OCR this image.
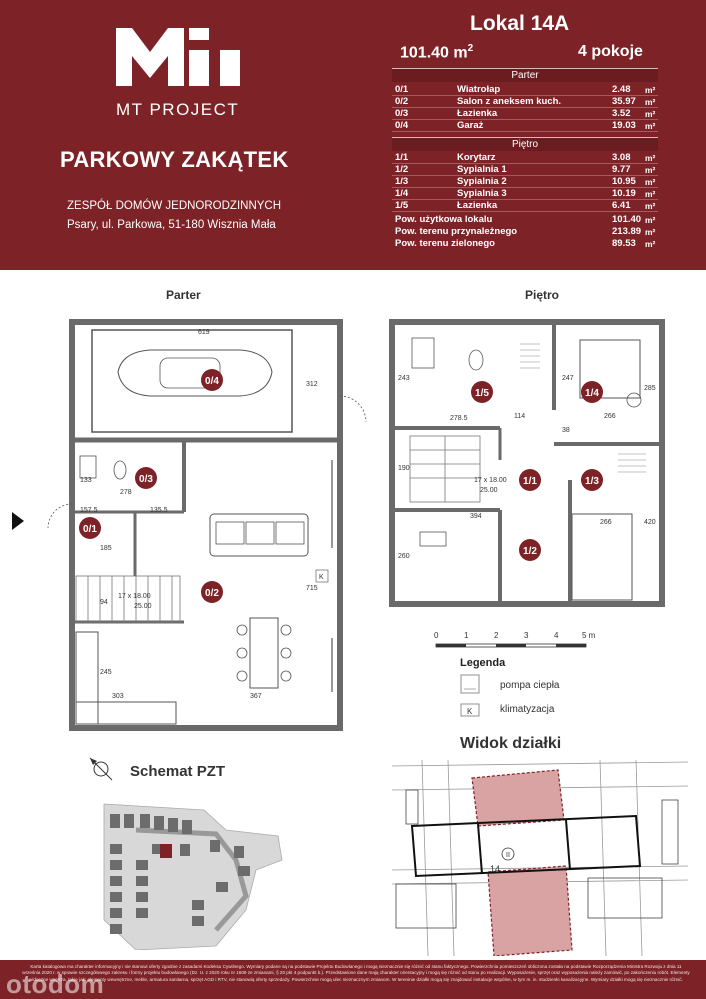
MT PROJECT
PARKOWY ZAKĄTEK
ZESPÓŁ DOMÓW JEDNORODZINNYCH
Psary, ul. Parkowa, 51-180 Wisznia Mała
Lokal 14A
101.40 $m^2$	4 pokoje
Parter
0/1	Wiatrołap	2.48 m²
0/2	Salon z aneksem kuch.	35.97 m²
0/3	Łazienka	3.52 m²
0/4	Garaż	19.03 m²
Piętro
1/1	Korytarz	3.08 m²
1/2	Sypialnia 1	9.77 m²
1/3	Sypialnia 2	10.95 m²
1/4	Sypialnia 3	10.19 m²
1/5	Łazienka	6.41 m²
Pow. użytkowa lokalu	101.40 m²
Pow. terenu przynależnego	213.89 m²
Pow. terenu zielonego	89.53 m²
Parter	Piętro
0/4
0/3
0/1
0/2
619
312
133
278
157.5	135.5
185
94
17 x 18.00
25.00
715
245
303	367
K
1/1
1/2
1/3
1/4
1/5
243
278.5	114
247
266
285
38
190
17 x 18.00
25.00
394
266	420
260
0	1	2	3	4	5 m
Legenda
pompa ciepła
K	klimatyzacja
Schemat PZT
Widok działki
II
14
Karta katalogowa ma charakter informacyjny i nie stanowi oferty zgodnie z zasadami Kodeksu Cywilnego. Wymiary podane są na podstawie Projektu Budowlanego i mogą nieznacznie się różnić od stanu faktycznego. Powierzchnia pomieszczeń obliczona została na podstawie Rozporządzenia Ministra Rozwoju z dnia 11 września 2020 r. w sprawie szczegółowego zakresu i formy projektu budowlanego (Dz. U. z 2020 roku nr 1609 ze zmianami, § 20 pkt 4 podpunkt b.). Przedstawione dane mają charakter orientacyjny i mogą się różnić od stanu po realizacji. Wyposażenie, sprzęt oraz wyposażenia należy zamówić, po zakończeniu robót. Elementy widoczne wnętrza, takie jak: elementy wewnętrzne, meble, armatura sanitarna, sprzęt AGD i RTV, nie stanowią oferty sprzedaży. Powierzchnie mogą ulec nieznacznym zmianom. W tereninie działki mogą się znajdować instalacje wspólne, w tym m. in. studzienki kanalizacyjne. Wymiary działki mogą się nieznacznie różnić.
otodom
